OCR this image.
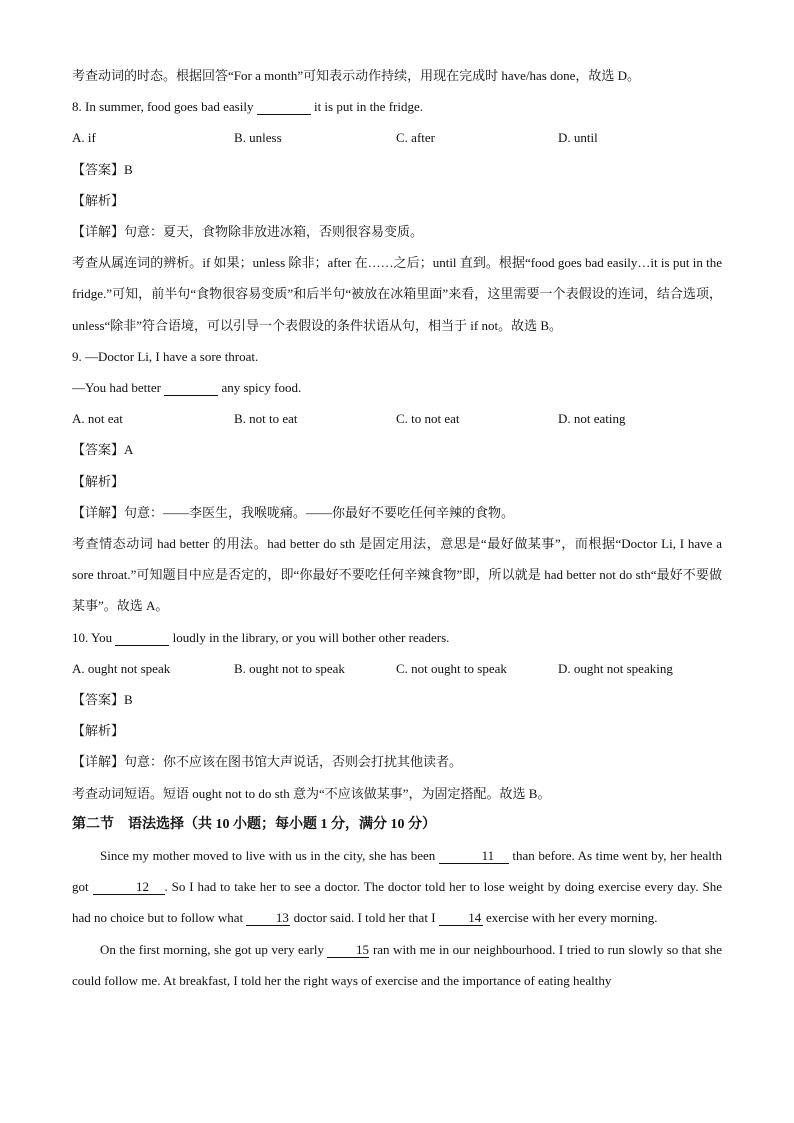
考查动词的时态。根据回答“For a month”可知表示动作持续，用现在完成时 have/has done，故选 D。
8. In summer, food goes bad easily	it is put in the fridge.
A. if	B. unless	C. after	D. until
【答案】B
【解析】
【详解】句意：夏天，食物除非放进冰箱，否则很容易变质。
考查从属连词的辨析。if 如果；unless 除非；after 在……之后；until 直到。根据“food goes bad easily…it is put in the fridge.”可知，前半句“食物很容易变质”和后半句“被放在冰箱里面”来看，这里需要一个表假设的连词，结合选项，unless“除非”符合语境，可以引导一个表假设的条件状语从句，相当于 if not。故选 B。
9. —Doctor Li, I have a sore throat.
—You had better	any spicy food.
A. not eat	B. not to eat	C. to not eat	D. not eating
【答案】A
【解析】
【详解】句意：——李医生，我喉咙痛。——你最好不要吃任何辛辣的食物。
考查情态动词 had better 的用法。had better do sth 是固定用法，意思是“最好做某事”，而根据“Doctor Li, I have a sore throat.”可知题目中应是否定的，即“你最好不要吃任何辛辣食物”即，所以就是 had better not do sth“最好不要做某事”。故选 A。
10. You	loudly in the library, or you will bother other readers.
A. ought not speak	B. ought not to speak	C. not ought to speak	D. ought not speaking
【答案】B
【解析】
【详解】句意：你不应该在图书馆大声说话，否则会打扰其他读者。
考查动词短语。短语 ought not to do sth 意为“不应该做某事”，为固定搭配。故选 B。
第二节　语法选择（共 10 小题；每小题 1 分，满分 10 分）
Since my mother moved to live with us in the city, she has been	11 than before. As time went by, her health got	12 . So I had to take her to see a doctor. The doctor told her to lose weight by doing exercise every day. She had no choice but to follow what 13 doctor said. I told her that I 14 exercise with her every morning.
On the first morning, she got up very early 15 ran with me in our neighbourhood. I tried to run slowly so that she could follow me. At breakfast, I told her the right ways of exercise and the importance of eating healthy
